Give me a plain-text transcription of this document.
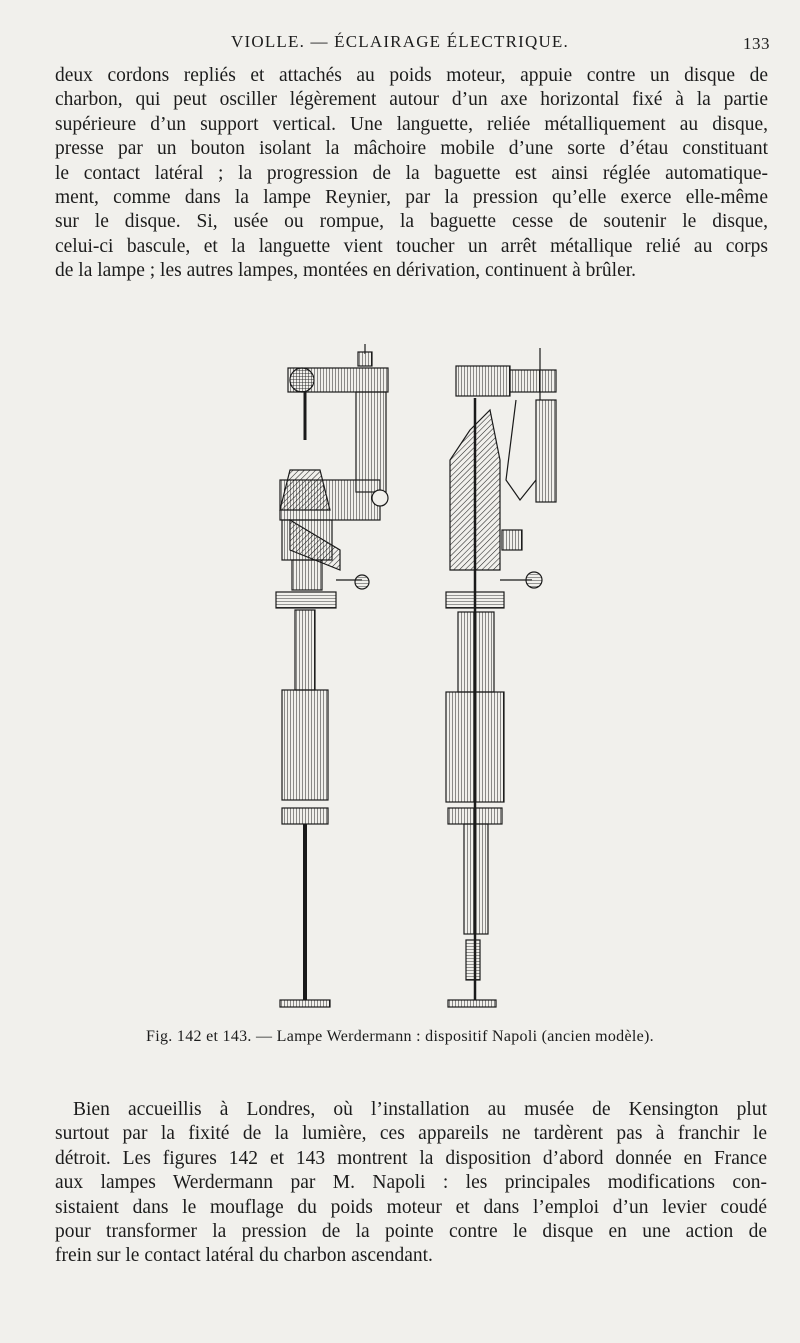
VIOLLE. — ÉCLAIRAGE ÉLECTRIQUE.	133

deux cordons repliés et attachés au poids moteur, appuie contre un disque de
charbon, qui peut osciller légèrement autour d’un axe horizontal fixé à la partie
supérieure d’un support vertical. Une languette, reliée métalliquement au disque,
presse par un bouton isolant la mâchoire mobile d’une sorte d’étau constituant
le contact latéral ; la progression de la baguette est ainsi réglée automatique-
ment, comme dans la lampe Reynier, par la pression qu’elle exerce elle-même
sur le disque. Si, usée ou rompue, la baguette cesse de soutenir le disque,
celui-ci bascule, et la languette vient toucher un arrêt métallique relié au corps
de la lampe ; les autres lampes, montées en dérivation, continuent à brûler.

Fig. 142 et 143. — Lampe Werdermann : dispositif Napoli (ancien modèle).

Bien accueillis à Londres, où l’installation au musée de Kensington plut
surtout par la fixité de la lumière, ces appareils ne tardèrent pas à franchir le
détroit. Les figures 142 et 143 montrent la disposition d’abord donnée en France
aux lampes Werdermann par M. Napoli : les principales modifications con-
sistaient dans le mouflage du poids moteur et dans l’emploi d’un levier coudé
pour transformer la pression de la pointe contre le disque en une action de
frein sur le contact latéral du charbon ascendant.
